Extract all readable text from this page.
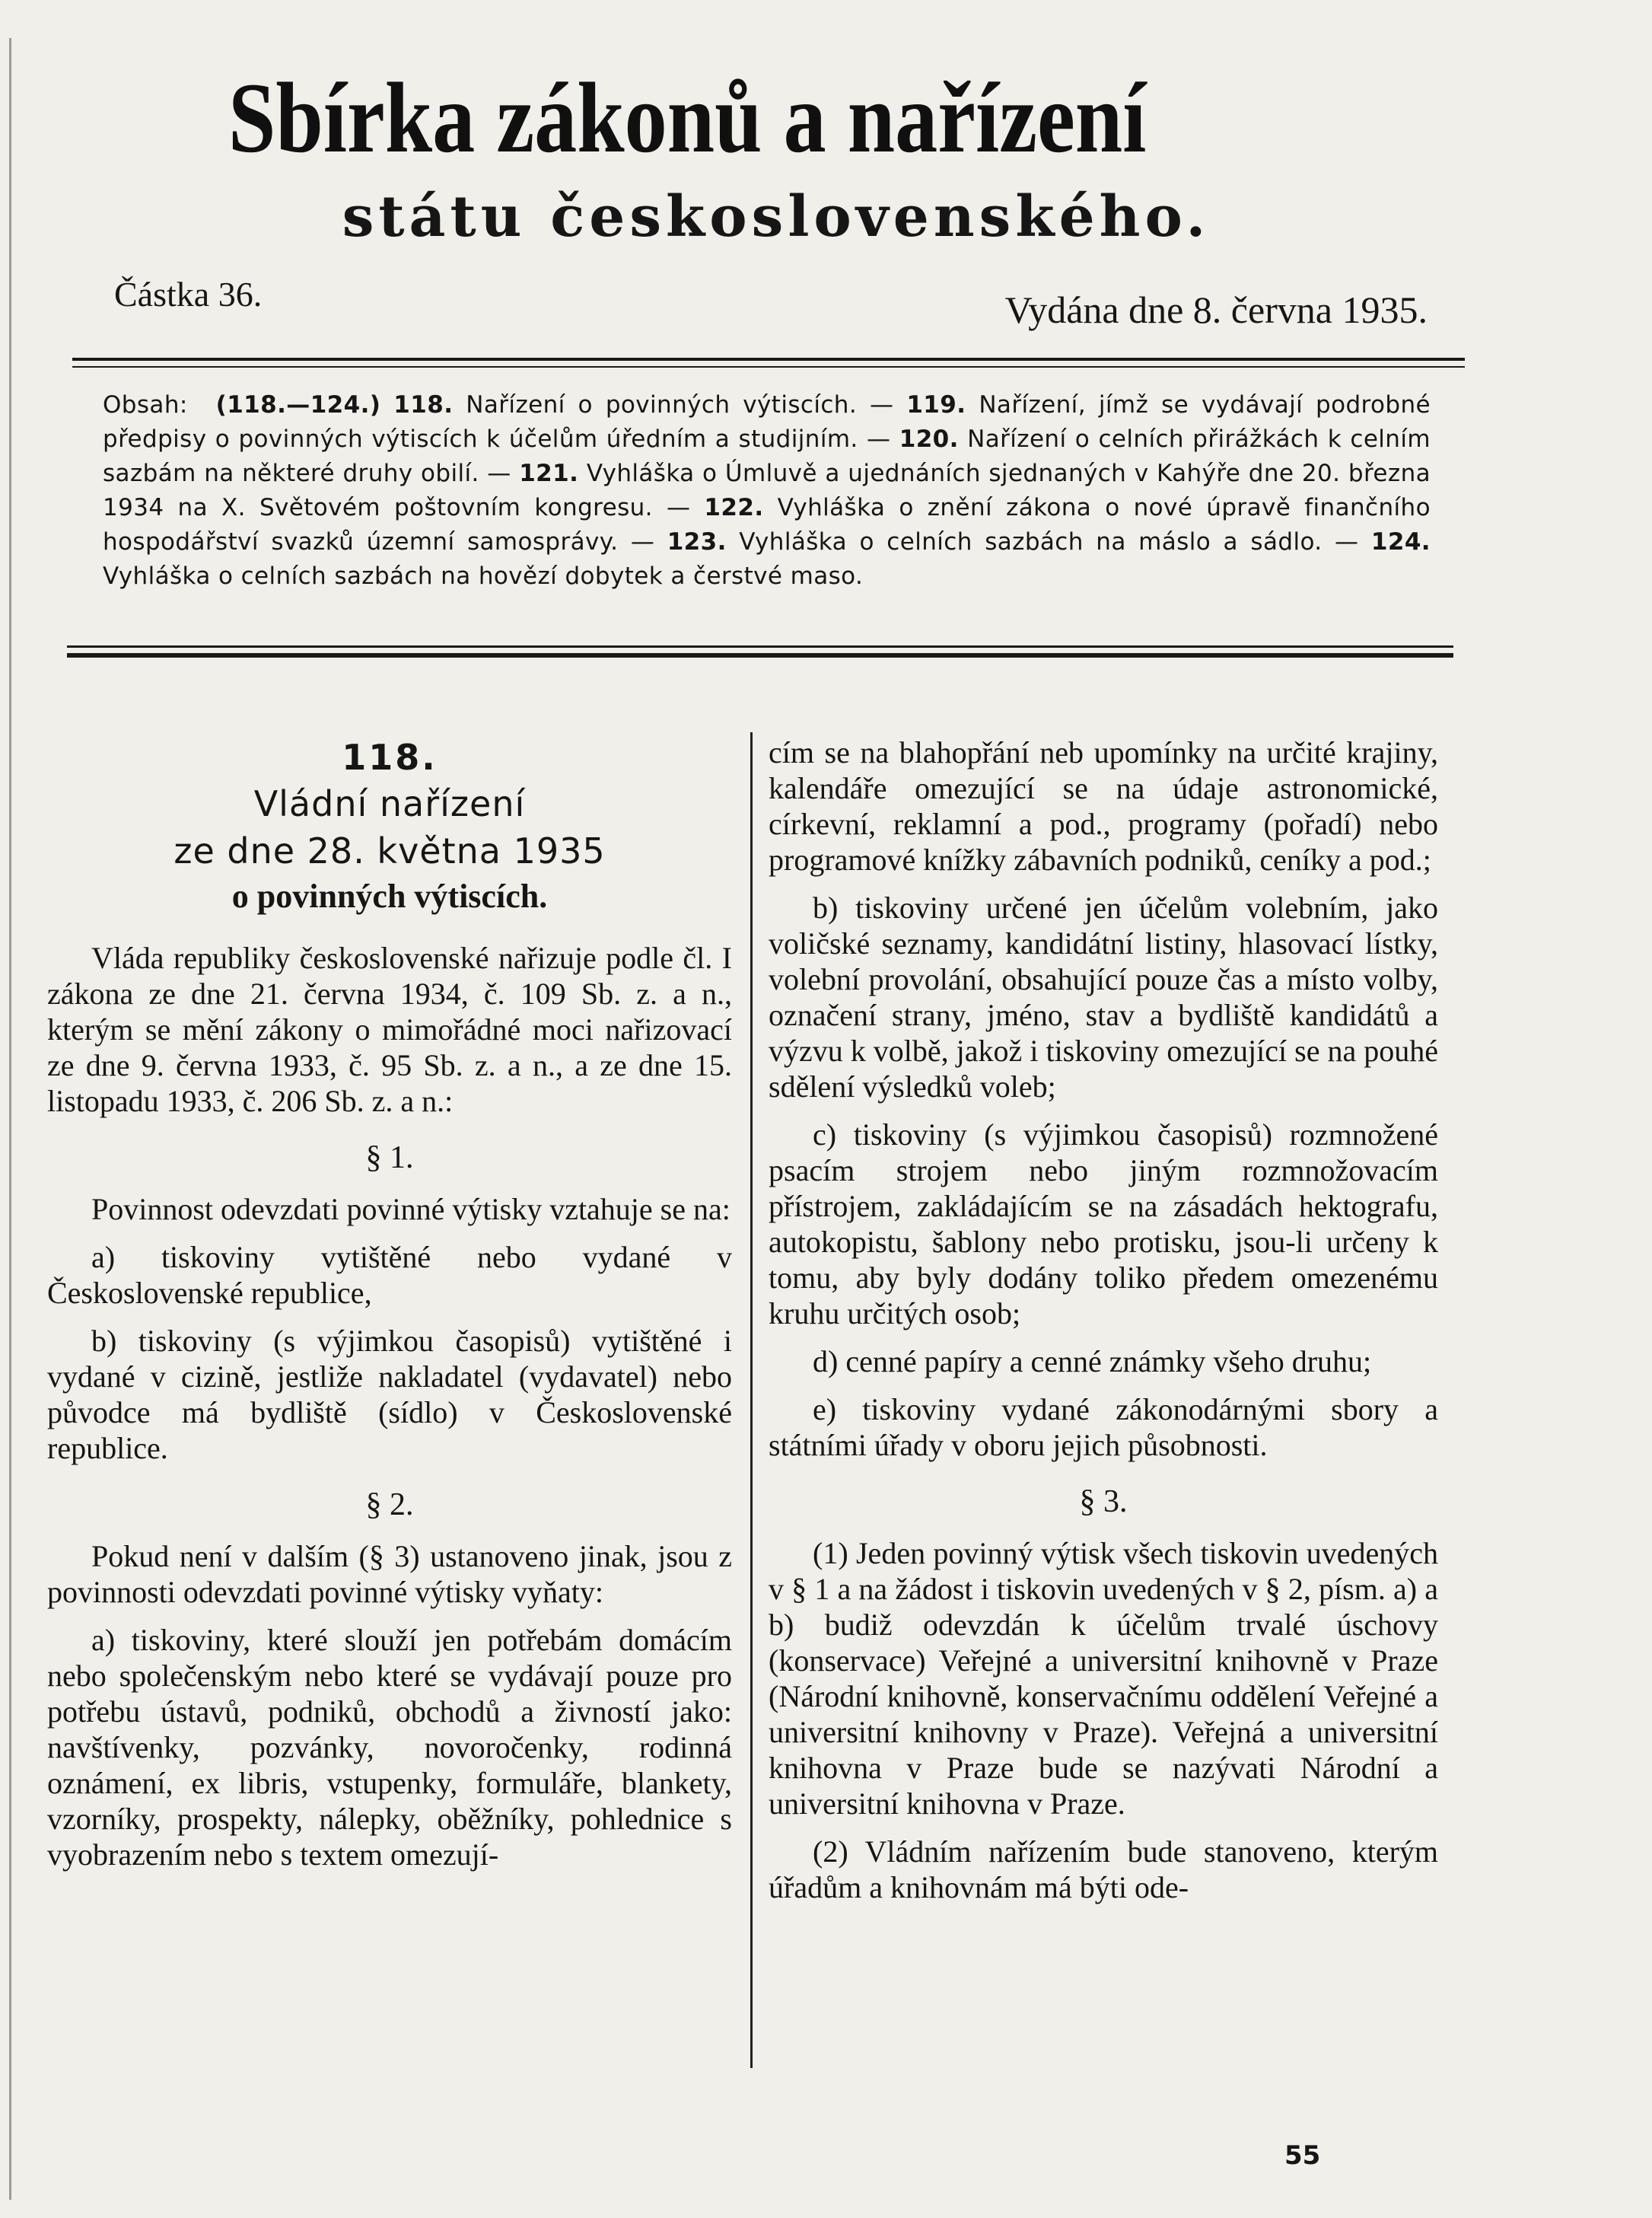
Sbírka zákonů a nařízení
státu československého.
Částka 36.	Vydána dne 8. června 1935.
Obsah: (118.—124.) 118. Nařízení o povinných výtiscích. — 119. Nařízení, jímž se vydávají podrobné předpisy o povinných výtiscích k účelům úředním a studijním. — 120. Nařízení o celních přirážkách k celním sazbám na některé druhy obilí. — 121. Vyhláška o Úmluvě a ujednáních sjednaných v Kahýře dne 20. března 1934 na X. Světovém poštovním kongresu. — 122. Vyhláška o znění zákona o nové úpravě finančního hospodářství svazků územní samosprávy. — 123. Vyhláška o celních sazbách na máslo a sádlo. — 124. Vyhláška o celních sazbách na hovězí dobytek a čerstvé maso.
118.
Vládní nařízení
ze dne 28. května 1935
o povinných výtiscích.

Vláda republiky československé nařizuje podle čl. I zákona ze dne 21. června 1934, č. 109 Sb. z. a n., kterým se mění zákony o mimořádné moci nařizovací ze dne 9. června 1933, č. 95 Sb. z. a n., a ze dne 15. listopadu 1933, č. 206 Sb. z. a n.:

§ 1.

Povinnost odevzdati povinné výtisky vztahuje se na:

a) tiskoviny vytištěné nebo vydané v Československé republice,

b) tiskoviny (s výjimkou časopisů) vytištěné i vydané v cizině, jestliže nakladatel (vydavatel) nebo původce má bydliště (sídlo) v Československé republice.

§ 2.

Pokud není v dalším (§ 3) ustanoveno jinak, jsou z povinnosti odevzdati povinné výtisky vyňaty:

a) tiskoviny, které slouží jen potřebám domácím nebo společenským nebo které se vydávají pouze pro potřebu ústavů, podniků, obchodů a živností jako: navštívenky, pozvánky, novoročenky, rodinná oznámení, ex libris, vstupenky, formuláře, blankety, vzorníky, prospekty, nálepky, oběžníky, pohlednice s vyobrazením nebo s textem omezují-

cím se na blahopřání neb upomínky na určité krajiny, kalendáře omezující se na údaje astronomické, církevní, reklamní a pod., programy (pořadí) nebo programové knížky zábavních podniků, ceníky a pod.;

b) tiskoviny určené jen účelům volebním, jako voličské seznamy, kandidátní listiny, hlasovací lístky, volební provolání, obsahující pouze čas a místo volby, označení strany, jméno, stav a bydliště kandidátů a výzvu k volbě, jakož i tiskoviny omezující se na pouhé sdělení výsledků voleb;

c) tiskoviny (s výjimkou časopisů) rozmnožené psacím strojem nebo jiným rozmnožovacím přístrojem, zakládajícím se na zásadách hektografu, autokopistu, šablony nebo protisku, jsou-li určeny k tomu, aby byly dodány toliko předem omezenému kruhu určitých osob;

d) cenné papíry a cenné známky všeho druhu;

e) tiskoviny vydané zákonodárnými sbory a státními úřady v oboru jejich působnosti.

§ 3.

(1) Jeden povinný výtisk všech tiskovin uvedených v § 1 a na žádost i tiskovin uvedených v § 2, písm. a) a b) budiž odevzdán k účelům trvalé úschovy (konservace) Veřejné a universitní knihovně v Praze (Národní knihovně, konservačnímu oddělení Veřejné a universitní knihovny v Praze). Veřejná a universitní knihovna v Praze bude se nazývati Národní a universitní knihovna v Praze.

(2) Vládním nařízením bude stanoveno, kterým úřadům a knihovnám má býti ode-

55
